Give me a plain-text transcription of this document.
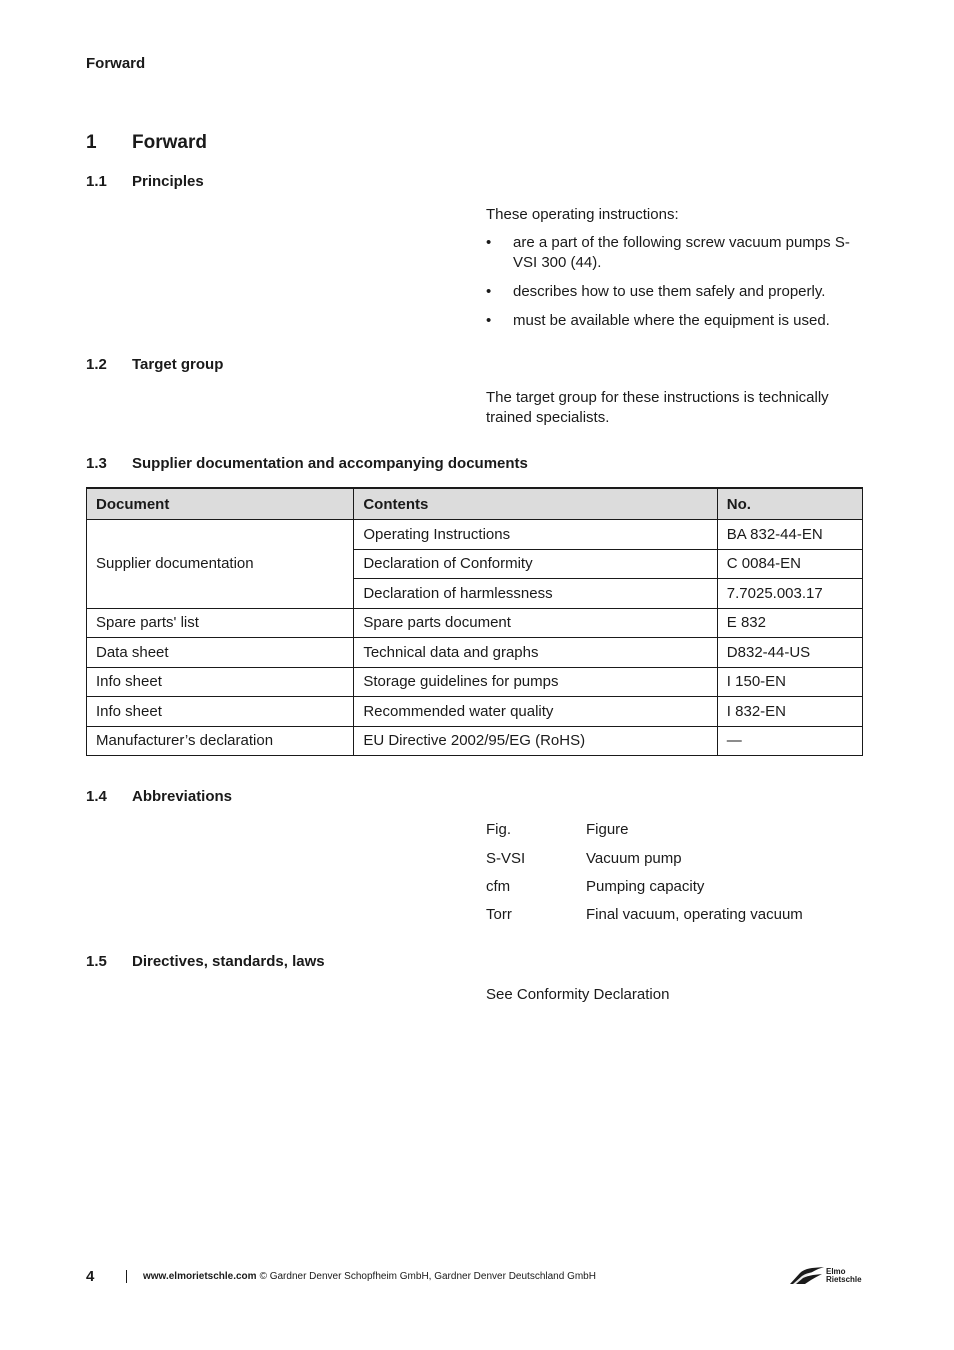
Forward
1 Forward
1.1 Principles
These operating instructions:
• are a part of the following screw vacuum pumps S-VSI 300 (44).
• describes how to use them safely and properly.
• must be available where the equipment is used.
1.2 Target group
The target group for these instructions is technically trained specialists.
1.3 Supplier documentation and accompanying documents
Document	Contents	No.
Supplier documentation	Operating Instructions	BA 832-44-EN
	Declaration of Conformity	C 0084-EN
	Declaration of harmlessness	7.7025.003.17
Spare parts' list	Spare parts document	E 832
Data sheet	Technical data and graphs	D832-44-US
Info sheet	Storage guidelines for pumps	I 150-EN
Info sheet	Recommended water quality	I 832-EN
Manufacturer’s declaration	EU Directive 2002/95/EG (RoHS)	—
1.4 Abbreviations
Fig.	Figure
S-VSI	Vacuum pump
cfm	Pumping capacity
Torr	Final vacuum, operating vacuum
1.5 Directives, standards, laws
See Conformity Declaration
4	www.elmorietschle.com © Gardner Denver Schopfheim GmbH, Gardner Denver Deutschland GmbH	Elmo
Rietschle
